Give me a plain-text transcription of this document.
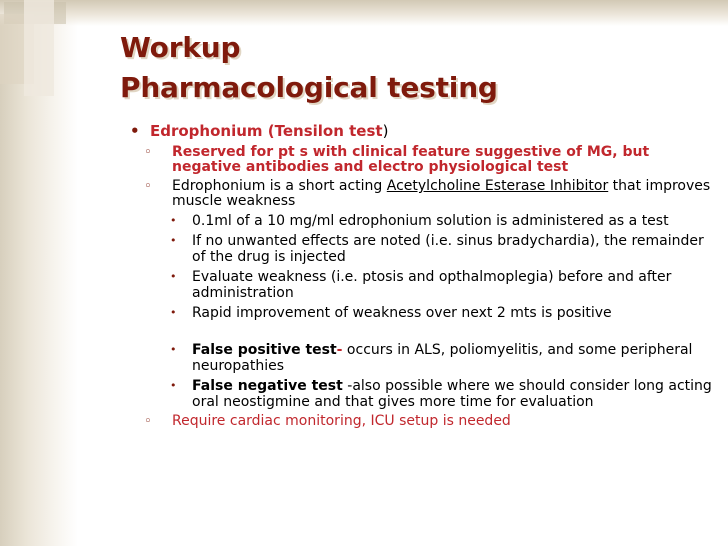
Workup
Pharmacological testing
• Edrophonium (Tensilon test)
◦ Reserved for pt s with clinical feature suggestive of MG, but negative antibodies and electro physiological test
◦ Edrophonium is a short acting Acetylcholine Esterase Inhibitor that improves muscle weakness
• 0.1ml of a 10 mg/ml edrophonium solution is administered as a test
• If no unwanted effects are noted (i.e. sinus bradychardia), the remainder of the drug is injected
• Evaluate weakness (i.e. ptosis and opthalmoplegia) before and after administration
• Rapid improvement of weakness over next 2 mts is positive
• False positive test- occurs in ALS, poliomyelitis, and some peripheral neuropathies
• False negative test -also possible where we should consider long acting oral neostigmine and that gives more time for evaluation
◦ Require cardiac monitoring, ICU setup is needed
